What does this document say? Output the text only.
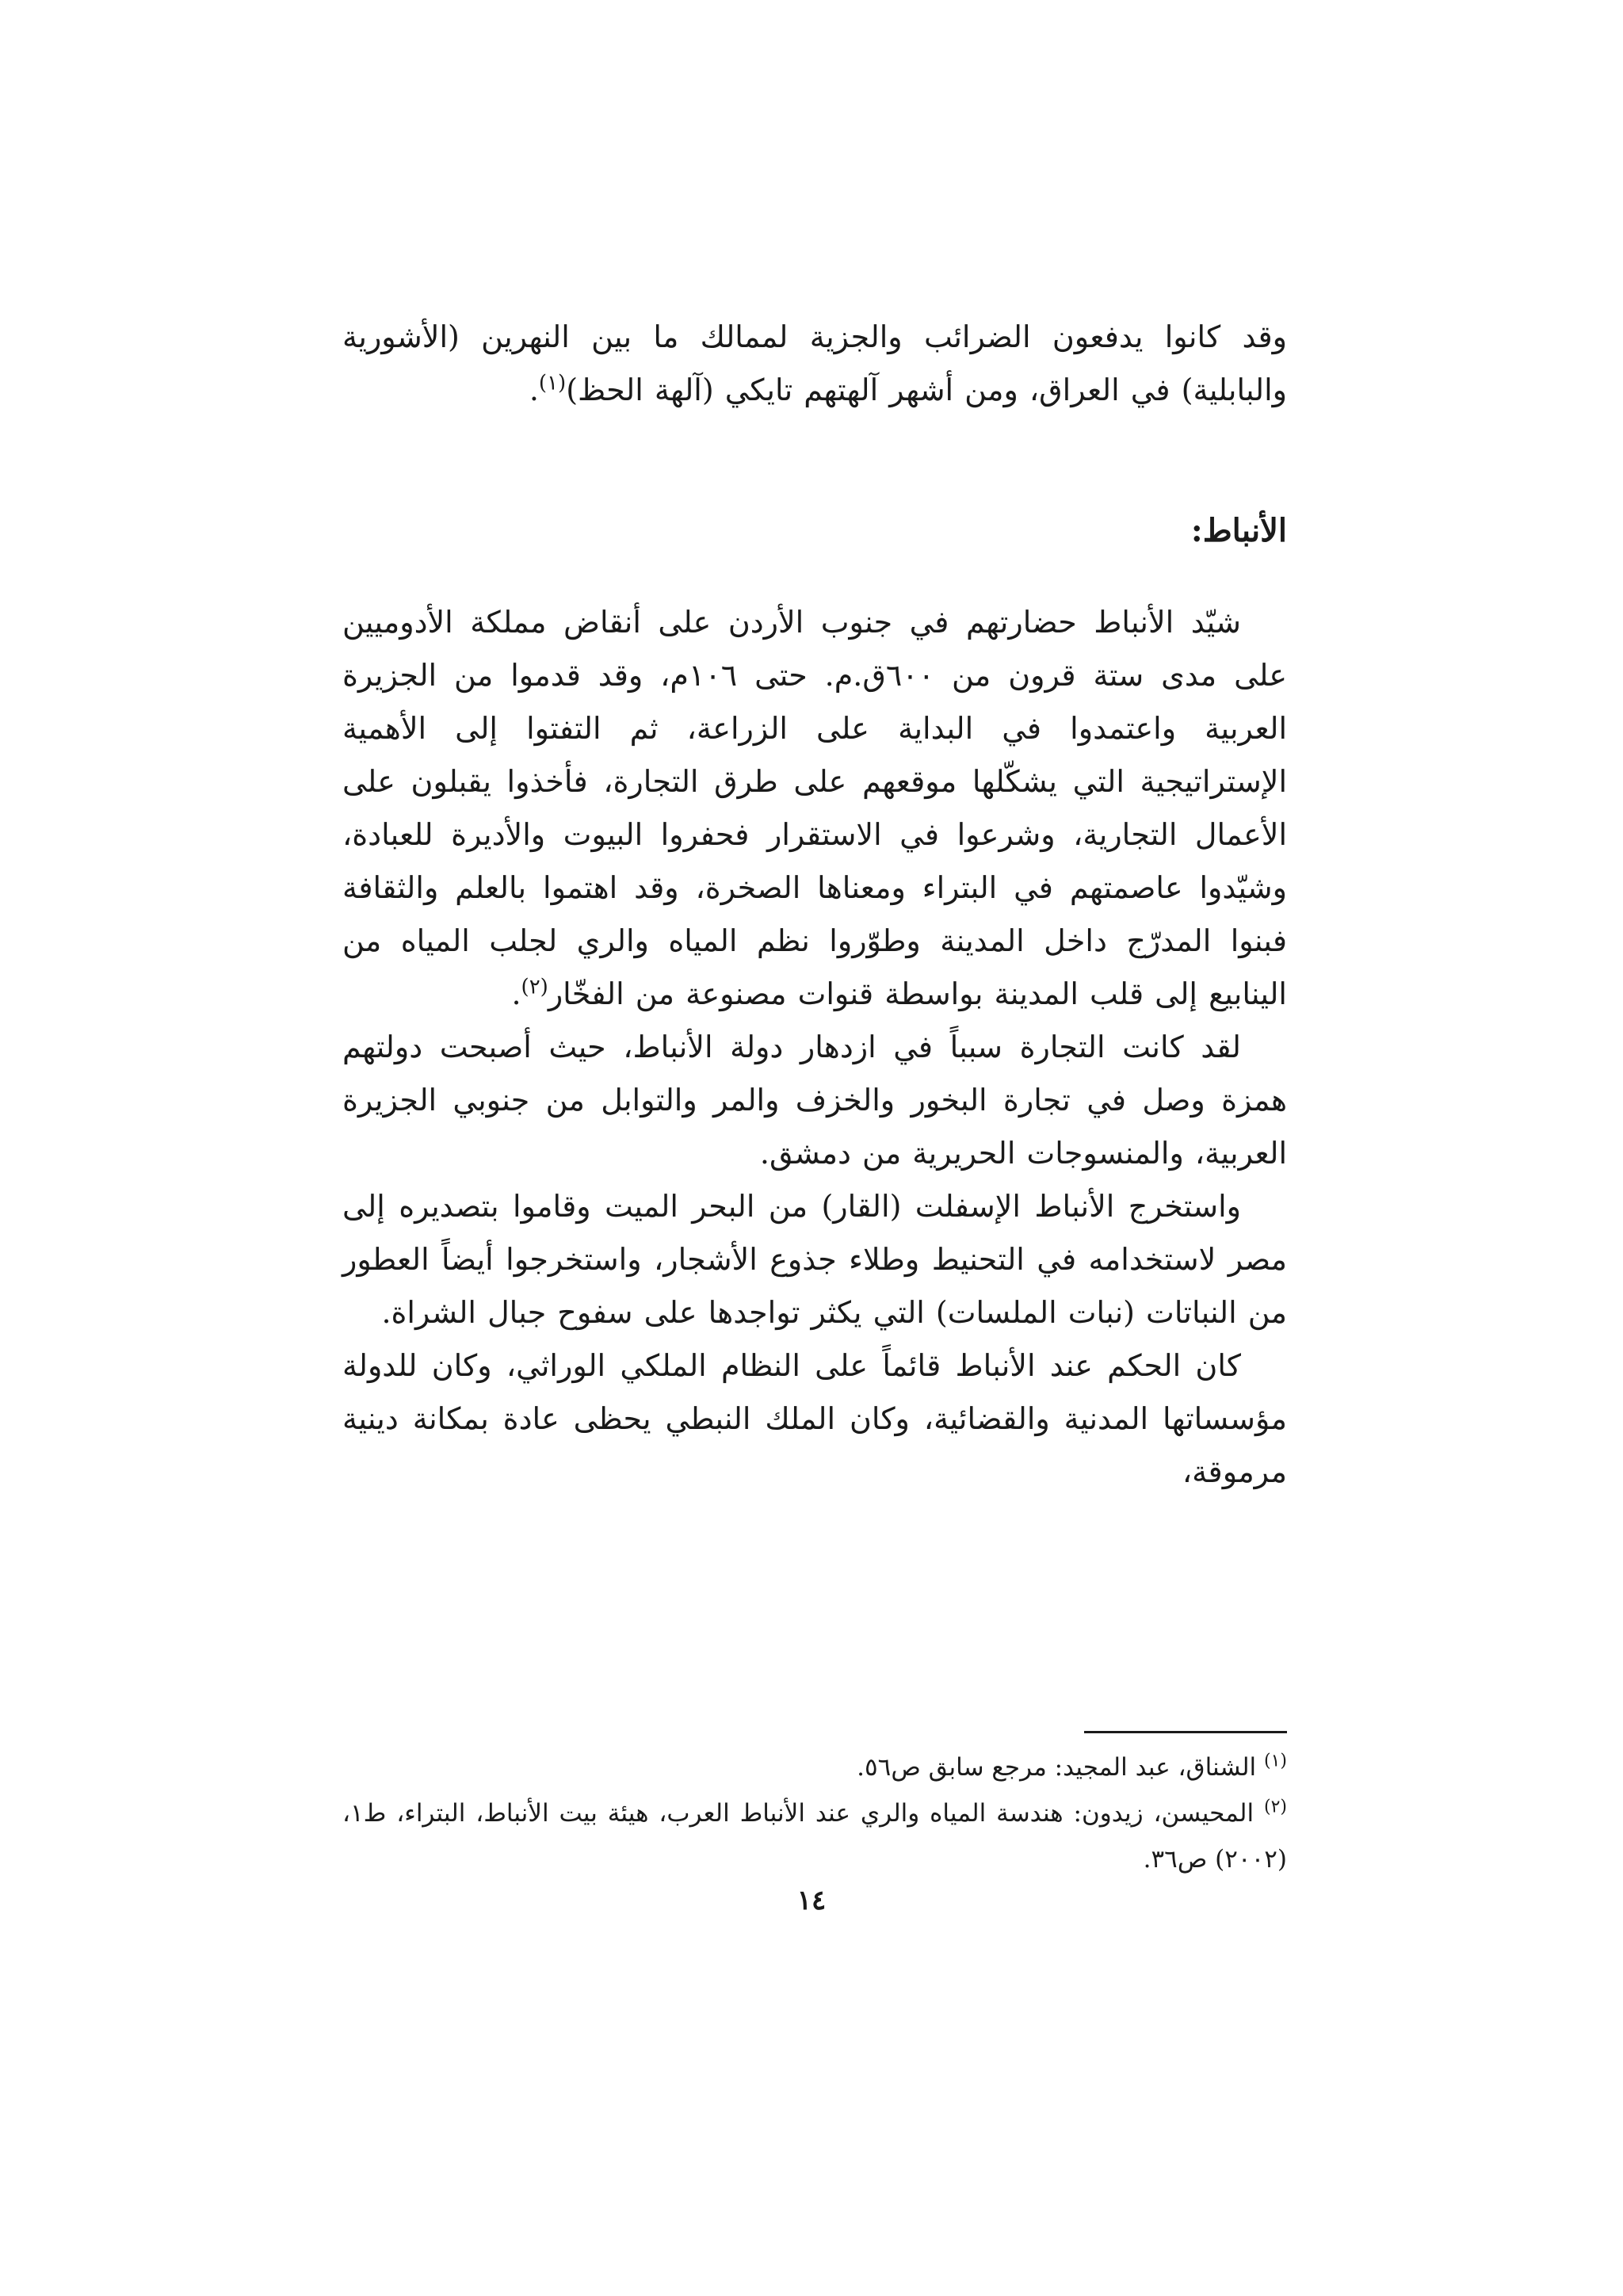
وقد كانوا يدفعون الضرائب والجزية لممالك ما بين النهرين (الأشورية والبابلية) في العراق، ومن أشهر آلهتهم تايكي (آلهة الحظ)$^{(١)}$.

الأنباط:

شيّد الأنباط حضارتهم في جنوب الأردن على أنقاض مملكة الأدوميين على مدى ستة قرون من ٦٠٠ق.م. حتى ١٠٦م، وقد قدموا من الجزيرة العربية واعتمدوا في البداية على الزراعة، ثم التفتوا إلى الأهمية الإستراتيجية التي يشكّلها موقعهم على طرق التجارة، فأخذوا يقبلون على الأعمال التجارية، وشرعوا في الاستقرار فحفروا البيوت والأديرة للعبادة، وشيّدوا عاصمتهم في البتراء ومعناها الصخرة، وقد اهتموا بالعلم والثقافة فبنوا المدرّج داخل المدينة وطوّروا نظم المياه والري لجلب المياه من الينابيع إلى قلب المدينة بواسطة قنوات مصنوعة من الفخّار$^{(٢)}$.

لقد كانت التجارة سبباً في ازدهار دولة الأنباط، حيث أصبحت دولتهم همزة وصل في تجارة البخور والخزف والمر والتوابل من جنوبي الجزيرة العربية، والمنسوجات الحريرية من دمشق.

واستخرج الأنباط الإسفلت (القار) من البحر الميت وقاموا بتصديره إلى مصر لاستخدامه في التحنيط وطلاء جذوع الأشجار، واستخرجوا أيضاً العطور من النباتات (نبات الملسات) التي يكثر تواجدها على سفوح جبال الشراة.

كان الحكم عند الأنباط قائماً على النظام الملكي الوراثي، وكان للدولة مؤسساتها المدنية والقضائية، وكان الملك النبطي يحظى عادة بمكانة دينية مرموقة،

$^{(١)}$ الشناق، عبد المجيد: مرجع سابق ص٥٦.

$^{(٢)}$ المحيسن، زيدون: هندسة المياه والري عند الأنباط العرب، هيئة بيت الأنباط، البتراء، ط١، (٢٠٠٢) ص٣٦.

١٤
